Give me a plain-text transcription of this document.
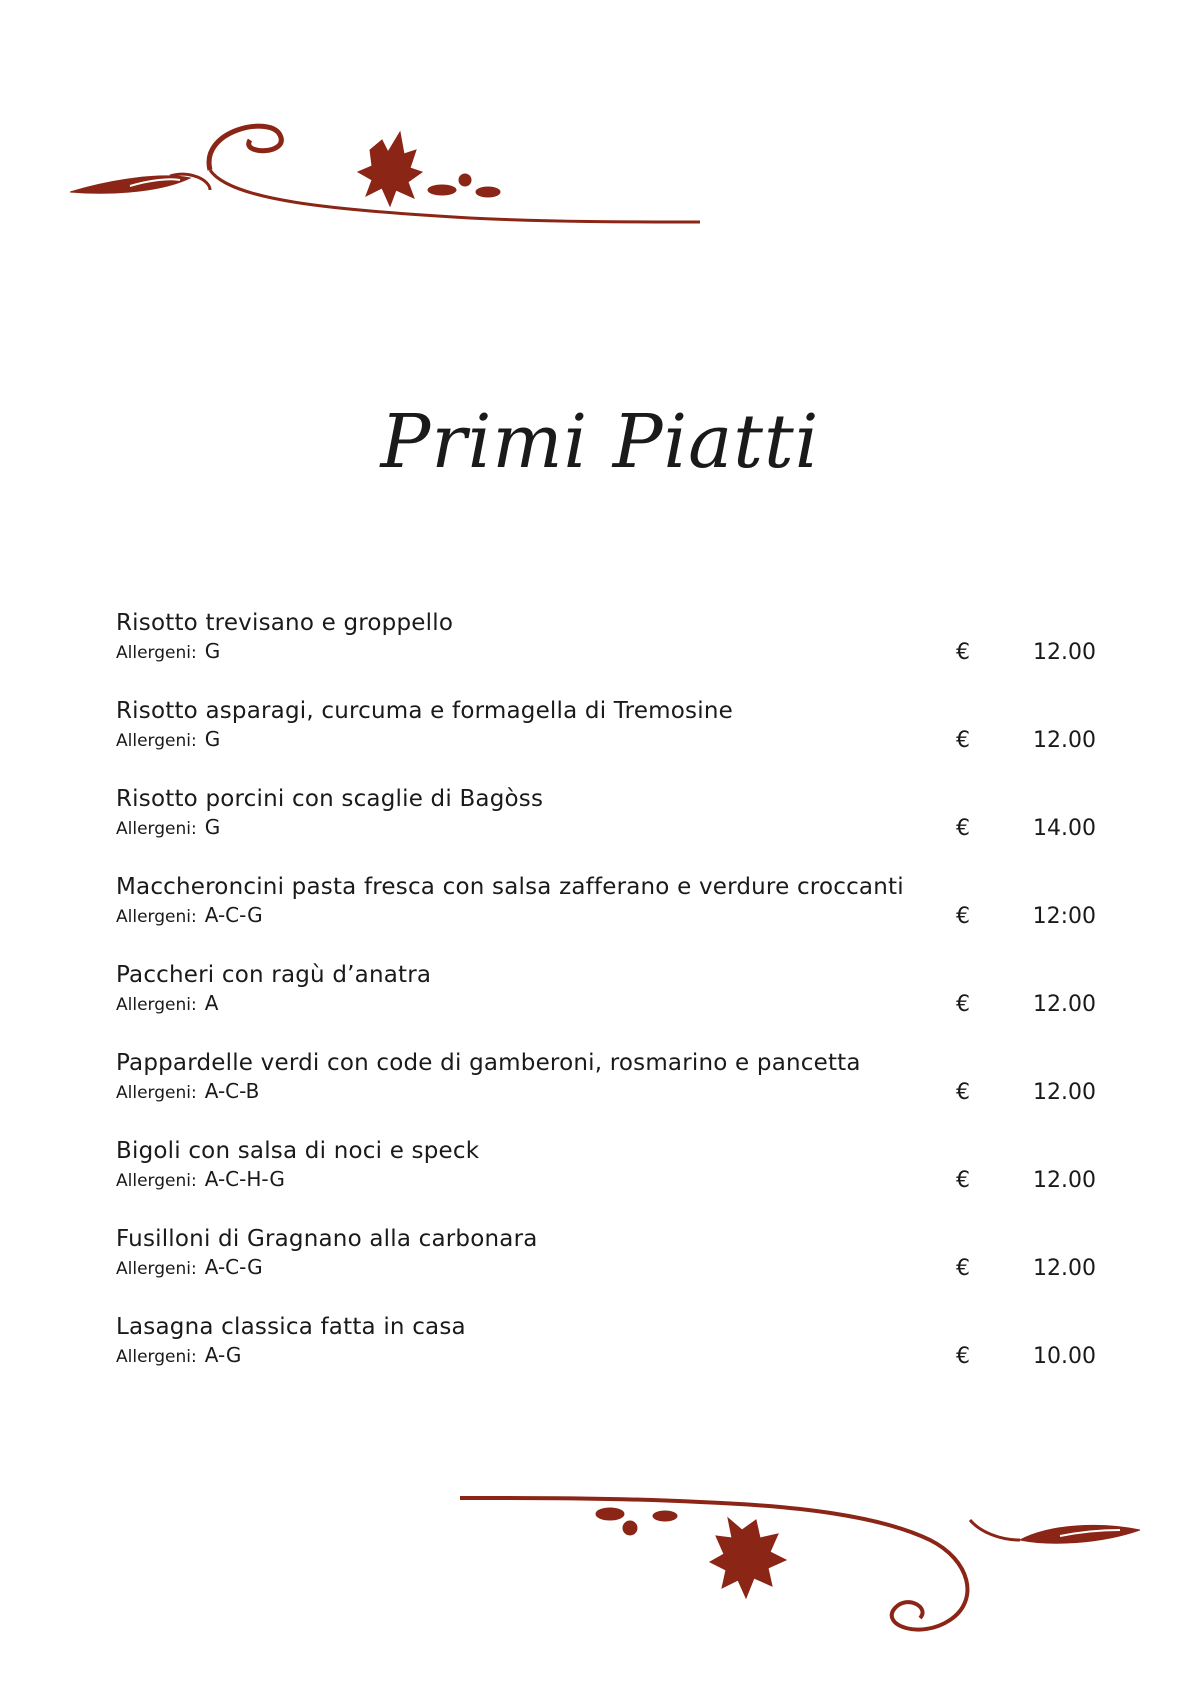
Primi Piatti
Risotto trevisano e groppello
Allergeni: G	€	12.00
Risotto asparagi, curcuma e formagella di Tremosine
Allergeni: G	€	12.00
Risotto porcini con scaglie di Bagòss
Allergeni: G	€	14.00
Maccheroncini pasta fresca con salsa zafferano e verdure croccanti
Allergeni: A-C-G	€	12:00
Paccheri con ragù d’anatra
Allergeni: A	€	12.00
Pappardelle verdi con code di gamberoni, rosmarino e pancetta
Allergeni: A-C-B	€	12.00
Bigoli con salsa di noci e speck
Allergeni: A-C-H-G	€	12.00
Fusilloni di Gragnano alla carbonara
Allergeni: A-C-G	€	12.00
Lasagna classica fatta in casa
Allergeni: A-G	€	10.00
